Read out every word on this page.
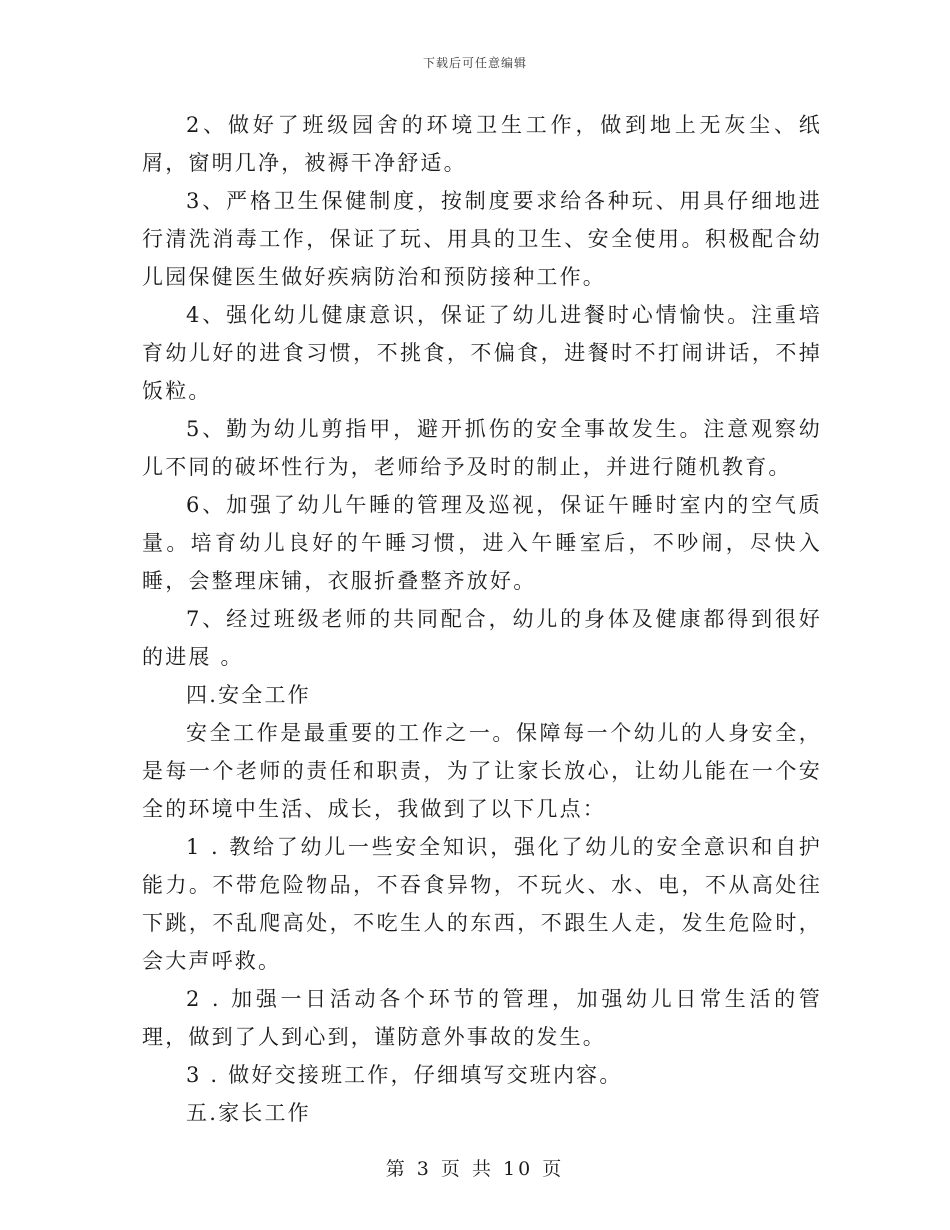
下载后可任意编辑

2、做好了班级园舍的环境卫生工作，做到地上无灰尘、纸屑，窗明几净，被褥干净舒适。

3、严格卫生保健制度，按制度要求给各种玩、用具仔细地进行清洗消毒工作，保证了玩、用具的卫生、安全使用。积极配合幼儿园保健医生做好疾病防治和预防接种工作。

4、强化幼儿健康意识，保证了幼儿进餐时心情愉快。注重培育幼儿好的进食习惯，不挑食，不偏食，进餐时不打闹讲话，不掉饭粒。

5、勤为幼儿剪指甲，避开抓伤的安全事故发生。注意观察幼儿不同的破坏性行为，老师给予及时的制止，并进行随机教育。

6、加强了幼儿午睡的管理及巡视，保证午睡时室内的空气质量。培育幼儿良好的午睡习惯，进入午睡室后，不吵闹，尽快入睡，会整理床铺，衣服折叠整齐放好。

7、经过班级老师的共同配合，幼儿的身体及健康都得到很好的进展 。

四.安全工作

安全工作是最重要的工作之一。保障每一个幼儿的人身安全，是每一个老师的责任和职责，为了让家长放心，让幼儿能在一个安全的环境中生活、成长，我做到了以下几点：

1 . 教给了幼儿一些安全知识，强化了幼儿的安全意识和自护能力。不带危险物品，不吞食异物，不玩火、水、电，不从高处往下跳，不乱爬高处，不吃生人的东西，不跟生人走，发生危险时，会大声呼救。

2 . 加强一日活动各个环节的管理，加强幼儿日常生活的管理，做到了人到心到，谨防意外事故的发生。

3 . 做好交接班工作，仔细填写交班内容。

五.家长工作

第 3 页 共 10 页
